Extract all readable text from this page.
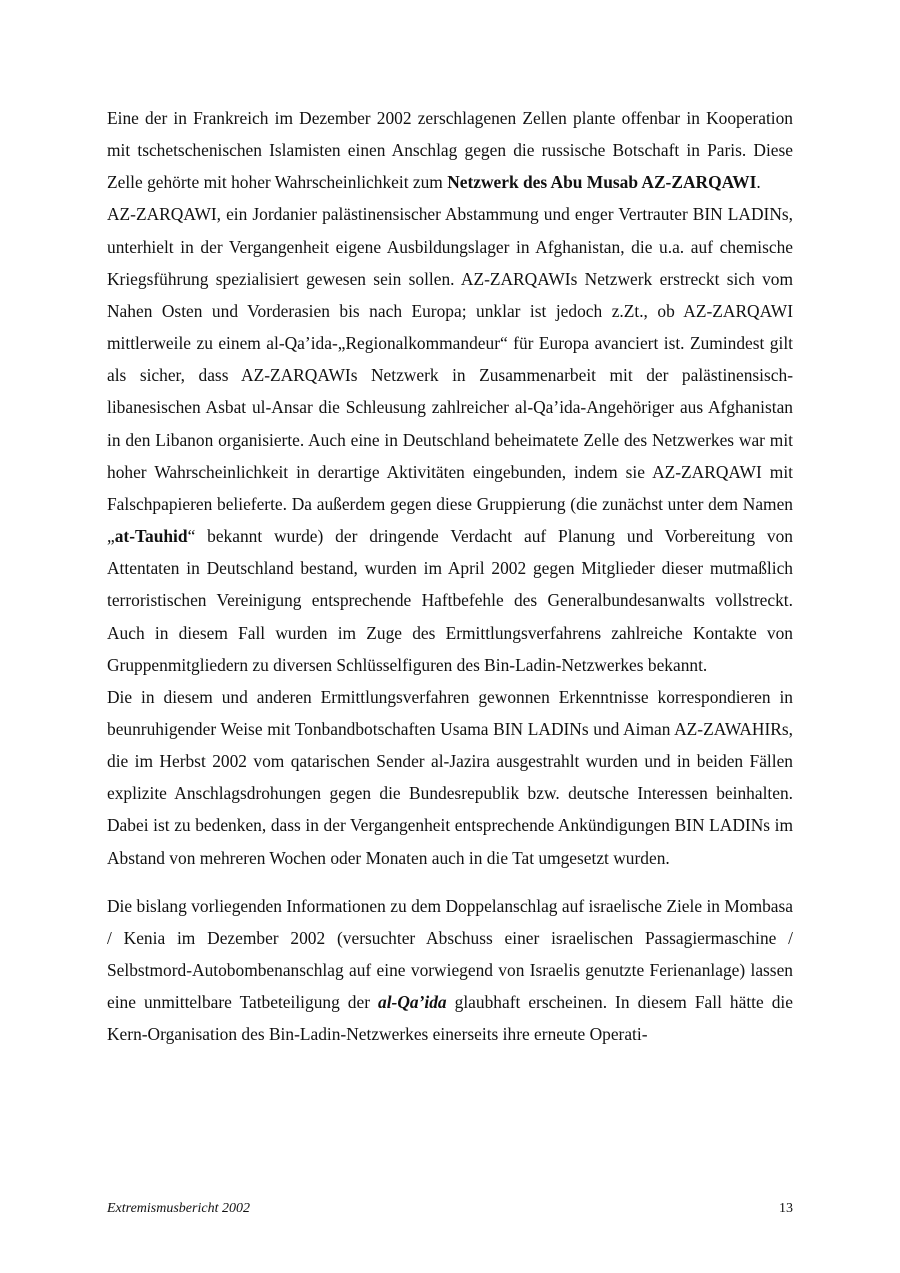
Eine der in Frankreich im Dezember 2002 zerschlagenen Zellen plante offenbar in Kooperation mit tschetschenischen Islamisten einen Anschlag gegen die russische Botschaft in Paris. Diese Zelle gehörte mit hoher Wahrscheinlichkeit zum Netzwerk des Abu Musab AZ-ZARQAWI.

AZ-ZARQAWI, ein Jordanier palästinensischer Abstammung und enger Vertrauter BIN LADINs, unterhielt in der Vergangenheit eigene Ausbildungslager in Afghanistan, die u.a. auf chemische Kriegsführung spezialisiert gewesen sein sollen. AZ-ZARQAWIs Netzwerk erstreckt sich vom Nahen Osten und Vorderasien bis nach Europa; unklar ist jedoch z.Zt., ob AZ-ZARQAWI mittlerweile zu einem al-Qa’ida-„Regionalkommandeur“ für Europa avanciert ist. Zumindest gilt als sicher, dass AZ-ZARQAWIs Netzwerk in Zusammenarbeit mit der palästinensisch-libanesischen Asbat ul-Ansar die Schleusung zahlreicher al-Qa’ida-Angehöriger aus Afghanistan in den Libanon organisierte. Auch eine in Deutschland beheimatete Zelle des Netzwerkes war mit hoher Wahrscheinlichkeit in derartige Aktivitäten eingebunden, indem sie AZ-ZARQAWI mit Falschpapieren belieferte. Da außerdem gegen diese Gruppierung (die zunächst unter dem Namen „at-Tauhid“ bekannt wurde) der dringende Verdacht auf Planung und Vorbereitung von Attentaten in Deutschland bestand, wurden im April 2002 gegen Mitglieder dieser mutmaßlich terroristischen Vereinigung entsprechende Haftbefehle des Generalbundesanwalts vollstreckt. Auch in diesem Fall wurden im Zuge des Ermittlungsverfahrens zahlreiche Kontakte von Gruppenmitgliedern zu diversen Schlüsselfiguren des Bin-Ladin-Netzwerkes bekannt.

Die in diesem und anderen Ermittlungsverfahren gewonnen Erkenntnisse korrespondieren in beunruhigender Weise mit Tonbandbotschaften Usama BIN LADINs und Aiman AZ-ZAWAHIRs, die im Herbst 2002 vom qatarischen Sender al-Jazira ausgestrahlt wurden und in beiden Fällen explizite Anschlagsdrohungen gegen die Bundesrepublik bzw. deutsche Interessen beinhalten. Dabei ist zu bedenken, dass in der Vergangenheit entsprechende Ankündigungen BIN LADINs im Abstand von mehreren Wochen oder Monaten auch in die Tat umgesetzt wurden.

Die bislang vorliegenden Informationen zu dem Doppelanschlag auf israelische Ziele in Mombasa / Kenia im Dezember 2002 (versuchter Abschuss einer israelischen Passagiermaschine / Selbstmord-Autobombenanschlag auf eine vorwiegend von Israelis genutzte Ferienanlage) lassen eine unmittelbare Tatbeteiligung der al-Qa’ida glaubhaft erscheinen. In diesem Fall hätte die Kern-Organisation des Bin-Ladin-Netzwerkes einerseits ihre erneute Operati-

Extremismusbericht 2002	13
